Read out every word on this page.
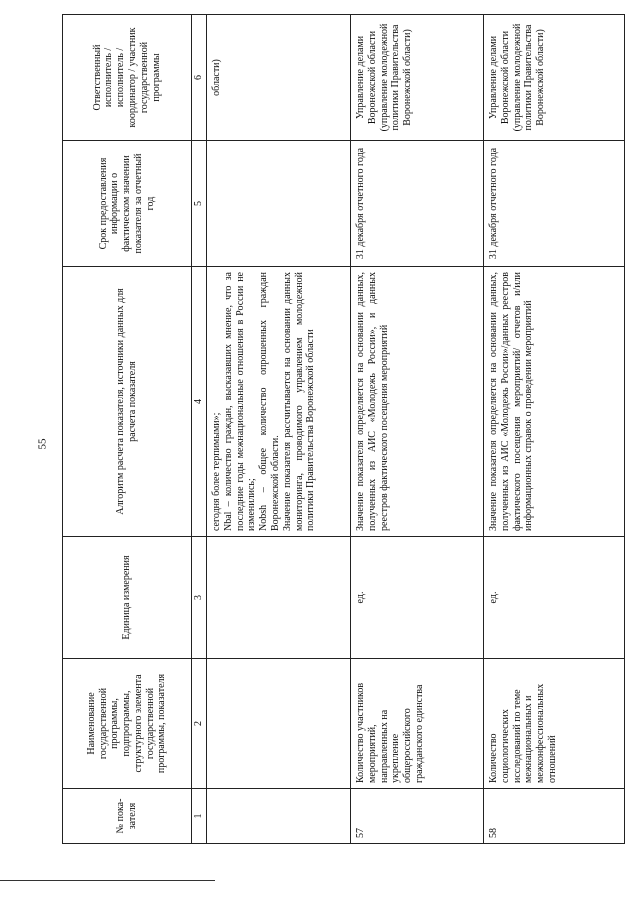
55
№ пока-зателя	Наименование государственной программы, подпрограммы, структурного элемента государственной программы, показателя	Единица измерения	Алгоритм расчета показателя, источники данных для расчета показателя	Срок предоставления информации о фактическом значении показателя за отчетный год	Ответственный исполнитель / исполнитель / координатор / участник государственной программы
1	2	3	4	5	6

			сегодня более терпимыми»; Nbal – количество граждан, высказавших мнение, что за последние годы межнациональные отношения в России не изменились; Nobsh – общее количество опрошенных граждан Воронежской области. Значение показателя рассчитывается на основании данных мониторинга, проводимого управлением молодежной политики Правительства Воронежской области		области)
57	Количество участников мероприятий, направленных на укрепление общероссийского гражданского единства	ед.	Значение показателя определяется на основании данных, полученных из АИС «Молодежь России», и данных реестров фактического посещения мероприятий	31 декабря отчетного года	Управление делами Воронежской области (управление молодежной политики Правительства Воронежской области)
58	Количество социологических исследований по теме межнациональных и межконфессиональных отношений	ед.	Значение показателя определяется на основании данных, полученных из АИС «Молодежь России»/данных реестров фактического посещения мероприятий/ отчетов и/или информационных справок о проведении мероприятий	31 декабря отчетного года	Управление делами Воронежской области (управление молодежной политики Правительства Воронежской области)
